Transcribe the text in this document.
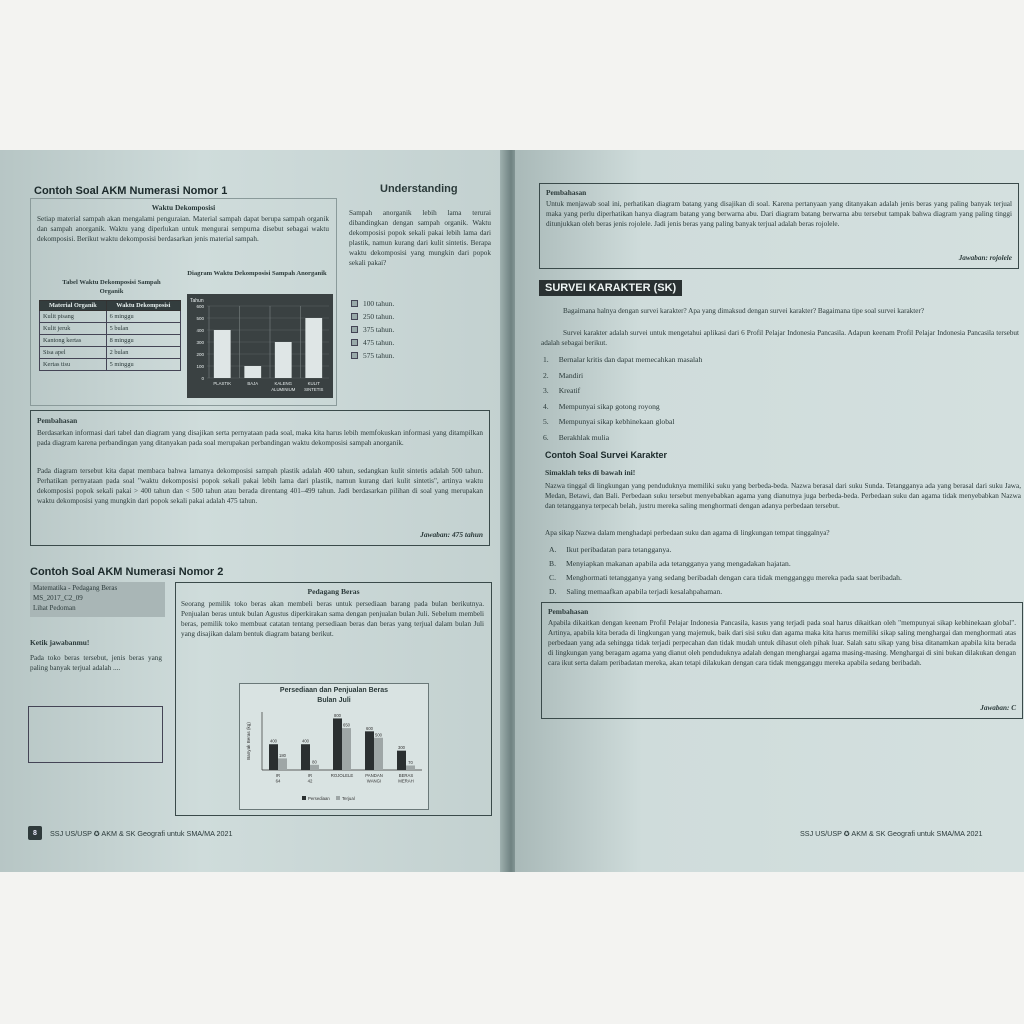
Contoh Soal AKM Numerasi Nomor 1	Understanding
Waktu Dekomposisi
Setiap material sampah akan mengalami penguraian. Material sampah dapat berupa sampah organik dan sampah anorganik. Waktu yang diperlukan untuk mengurai sempurna disebut sebagai waktu dekomposisi. Berikut waktu dekomposisi berdasarkan jenis material sampah.
Tabel Waktu Dekomposisi Sampah Organik
Diagram Waktu Dekomposisi Sampah Anorganik
Material Organik	Waktu Dekomposisi
Kulit pisang	6 minggu
Kulit jeruk	5 bulan
Kantong kertas	8 minggu
Sisa apel	2 bulan
Kertas tisu	5 minggu
Tahun
0
100
200
300
400
500
600
PLASTIK	BAJA	KALENG
ALUMINIUM
KULIT
SINTETIS
Sampah anorganik lebih lama terurai dibandingkan dengan sampah organik. Waktu dekomposisi popok sekali pakai lebih lama dari plastik, namun kurang dari kulit sintetis. Berapa waktu dekomposisi yang mungkin dari popok sekali pakai?
100 tahun.
250 tahun.
375 tahun.
475 tahun.
575 tahun.
Pembahasan
Berdasarkan informasi dari tabel dan diagram yang disajikan serta pernyataan pada soal, maka kita harus lebih memfokuskan informasi yang ditampilkan pada diagram karena perbandingan yang ditanyakan pada soal merupakan perbandingan waktu dekomposisi sampah anorganik.
Pada diagram tersebut kita dapat membaca bahwa lamanya dekomposisi sampah plastik adalah 400 tahun, sedangkan kulit sintetis adalah 500 tahun. Perhatikan pernyataan pada soal "waktu dekomposisi popok sekali pakai lebih lama dari plastik, namun kurang dari kulit sintetis", artinya waktu dekomposisi popok sekali pakai > 400 tahun dan < 500 tahun atau berada direntang 401–499 tahun. Jadi berdasarkan pilihan di soal yang merupakan waktu dekomposisi yang mungkin dari popok sekali pakai adalah 475 tahun.
Jawaban: 475 tahun
Contoh Soal AKM Numerasi Nomor 2
Matematika - Pedagang Beras
MS_2017_C2_09
Lihat Pedoman
Ketik jawabanmu!
Pada toko beras tersebut, jenis beras yang paling banyak terjual adalah ....
Pedagang Beras
Seorang pemilik toko beras akan membeli beras untuk persediaan barang pada bulan berikutnya. Penjualan beras untuk bulan Agustus diperkirakan sama dengan penjualan bulan Juli. Sebelum membeli beras, pemilik toko membuat catatan tentang persediaan beras dan beras yang terjual dalam bulan Juli yang disajikan dalam bentuk diagram batang berikut.
Persediaan dan Penjualan Beras
Bulan Juli
Banyak Beras (kg)	400
180
IR
64
400
80
IR
42
800
650
ROJOLELE
600
500
PANDAN
WANGI
300
70
BERAS
MERAH
Persediaan	Terjual
8	SSJ US/USP ✪ AKM & SK Geografi untuk SMA/MA 2021
Pembahasan
Untuk menjawab soal ini, perhatikan diagram batang yang disajikan di soal. Karena pertanyaan yang ditanyakan adalah jenis beras yang paling banyak terjual maka yang perlu diperhatikan hanya diagram batang yang berwarna abu. Dari diagram batang berwarna abu tersebut tampak bahwa diagram yang paling tinggi ditunjukkan oleh beras jenis rojolele. Jadi jenis beras yang paling banyak terjual adalah beras rojolele.
Jawaban: rojolele
SURVEI KARAKTER (SK)
Bagaimana halnya dengan survei karakter? Apa yang dimaksud dengan survei karakter? Bagaimana tipe soal survei karakter?
Survei karakter adalah survei untuk mengetahui aplikasi dari 6 Profil Pelajar Indonesia Pancasila. Adapun keenam Profil Pelajar Indonesia Pancasila tersebut adalah sebagai berikut.
1. Bernalar kritis dan dapat memecahkan masalah
2. Mandiri
3. Kreatif
4. Mempunyai sikap gotong royong
5. Mempunyai sikap kebhinekaan global
6. Berakhlak mulia
Contoh Soal Survei Karakter
Simaklah teks di bawah ini!
Nazwa tinggal di lingkungan yang penduduknya memiliki suku yang berbeda-beda. Nazwa berasal dari suku Sunda. Tetangganya ada yang berasal dari suku Jawa, Medan, Betawi, dan Bali. Perbedaan suku tersebut menyebabkan agama yang dianutnya juga berbeda-beda. Perbedaan suku dan agama tidak menyebabkan Nazwa dan tetangganya terpecah belah, justru mereka saling menghormati dengan adanya perbedaan tersebut.
Apa sikap Nazwa dalam menghadapi perbedaan suku dan agama di lingkungan tempat tinggalnya?
A. Ikut peribadatan para tetangganya.
B. Menyiapkan makanan apabila ada tetangganya yang mengadakan hajatan.
C. Menghormati tetangganya yang sedang beribadah dengan cara tidak mengganggu mereka pada saat beribadah.
D. Saling memaafkan apabila terjadi kesalahpahaman.
Pembahasan
Apabila dikaitkan dengan keenam Profil Pelajar Indonesia Pancasila, kasus yang terjadi pada soal harus dikaitkan oleh "mempunyai sikap kebhinekaan global". Artinya, apabila kita berada di lingkungan yang majemuk, baik dari sisi suku dan agama maka kita harus memiliki sikap saling menghargai dan menghormati atas perbedaan yang ada sehingga tidak terjadi perpecahan dan tidak mudah untuk dihasut oleh pihak luar. Salah satu sikap yang bisa ditanamkan apabila kita berada di lingkungan yang beragam agama yang dianut oleh penduduknya adalah dengan menghargai agama masing-masing. Menghargai di sini bukan dilakukan dengan cara ikut serta dalam peribadatan mereka, akan tetapi dilakukan dengan cara tidak mengganggu mereka apabila sedang beribadah.
Jawaban: C
SSJ US/USP ✪ AKM & SK Geografi untuk SMA/MA 2021
